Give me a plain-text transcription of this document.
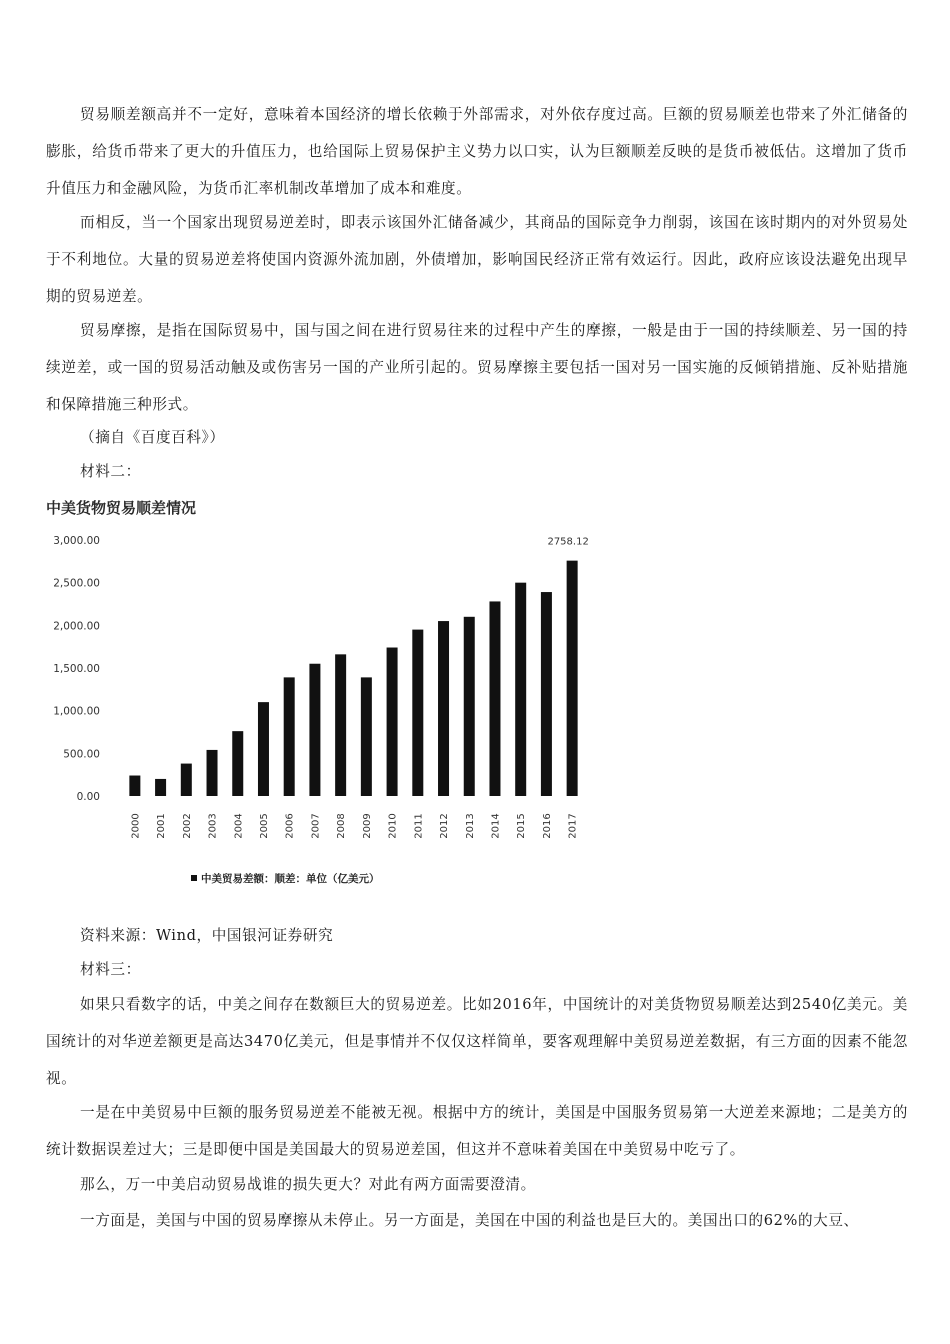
贸易顺差额高并不一定好，意味着本国经济的增长依赖于外部需求，对外依存度过高。巨额的贸易顺差也带来了外汇储备的膨胀，给货币带来了更大的升值压力，也给国际上贸易保护主义势力以口实，认为巨额顺差反映的是货币被低估。这增加了货币升值压力和金融风险，为货币汇率机制改革增加了成本和难度。

而相反，当一个国家出现贸易逆差时，即表示该国外汇储备减少，其商品的国际竞争力削弱，该国在该时期内的对外贸易处于不利地位。大量的贸易逆差将使国内资源外流加剧，外债增加，影响国民经济正常有效运行。因此，政府应该设法避免出现早期的贸易逆差。

贸易摩擦，是指在国际贸易中，国与国之间在进行贸易往来的过程中产生的摩擦，一般是由于一国的持续顺差、另一国的持续逆差，或一国的贸易活动触及或伤害另一国的产业所引起的。贸易摩擦主要包括一国对另一国实施的反倾销措施、反补贴措施和保障措施三种形式。

（摘自《百度百科》）

材料二：

中美货物贸易顺差情况
3,000.00
2,500.00
2,000.00
1,500.00
1,000.00
500.00
0.00
2000 2001 2002 2003 2004 2005 2006 2007 2008 2009 2010 2011 2012 2013 2014 2015 2016 2017
2758.12
中美贸易差额：顺差：单位（亿美元）

资料来源：Wind，中国银河证券研究

材料三：

如果只看数字的话，中美之间存在数额巨大的贸易逆差。比如2016年，中国统计的对美货物贸易顺差达到2540亿美元。美国统计的对华逆差额更是高达3470亿美元，但是事情并不仅仅这样简单，要客观理解中美贸易逆差数据，有三方面的因素不能忽视。

一是在中美贸易中巨额的服务贸易逆差不能被无视。根据中方的统计，美国是中国服务贸易第一大逆差来源地；二是美方的统计数据误差过大；三是即便中国是美国最大的贸易逆差国，但这并不意味着美国在中美贸易中吃亏了。

那么，万一中美启动贸易战谁的损失更大？对此有两方面需要澄清。

一方面是，美国与中国的贸易摩擦从未停止。另一方面是，美国在中国的利益也是巨大的。美国出口的62%的大豆、
